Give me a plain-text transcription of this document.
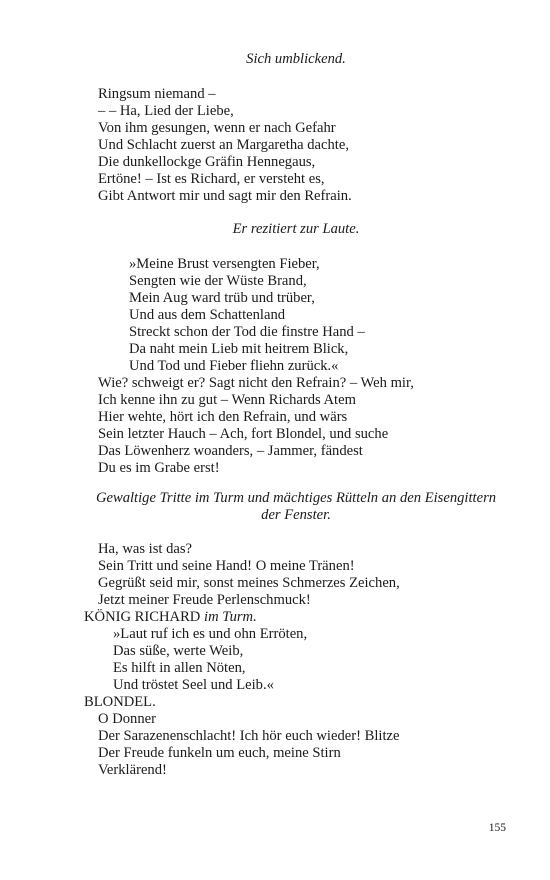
Sich umblickend.
Ringsum niemand –
– – Ha, Lied der Liebe,
Von ihm gesungen, wenn er nach Gefahr
Und Schlacht zuerst an Margaretha dachte,
Die dunkellockge Gräfin Hennegaus,
Ertöne! – Ist es Richard, er versteht es,
Gibt Antwort mir und sagt mir den Refrain.
Er rezitiert zur Laute.
»Meine Brust versengten Fieber,
Sengten wie der Wüste Brand,
Mein Aug ward trüb und trüber,
Und aus dem Schattenland
Streckt schon der Tod die finstre Hand –
Da naht mein Lieb mit heitrem Blick,
Und Tod und Fieber fliehn zurück.«
Wie? schweigt er? Sagt nicht den Refrain? – Weh mir,
Ich kenne ihn zu gut – Wenn Richards Atem
Hier wehte, hört ich den Refrain, und wärs
Sein letzter Hauch – Ach, fort Blondel, und suche
Das Löwenherz woanders, – Jammer, fändest
Du es im Grabe erst!
Gewaltige Tritte im Turm und mächtiges Rütteln an den Eisengittern
der Fenster.
Ha, was ist das?
Sein Tritt und seine Hand! O meine Tränen!
Gegrüßt seid mir, sonst meines Schmerzes Zeichen,
Jetzt meiner Freude Perlenschmuck!
KÖNIG RICHARD im Turm.
»Laut ruf ich es und ohn Erröten,
Das süße, werte Weib,
Es hilft in allen Nöten,
Und tröstet Seel und Leib.«
BLONDEL.
O Donner
Der Sarazenenschlacht! Ich hör euch wieder! Blitze
Der Freude funkeln um euch, meine Stirn
Verklärend!
155
